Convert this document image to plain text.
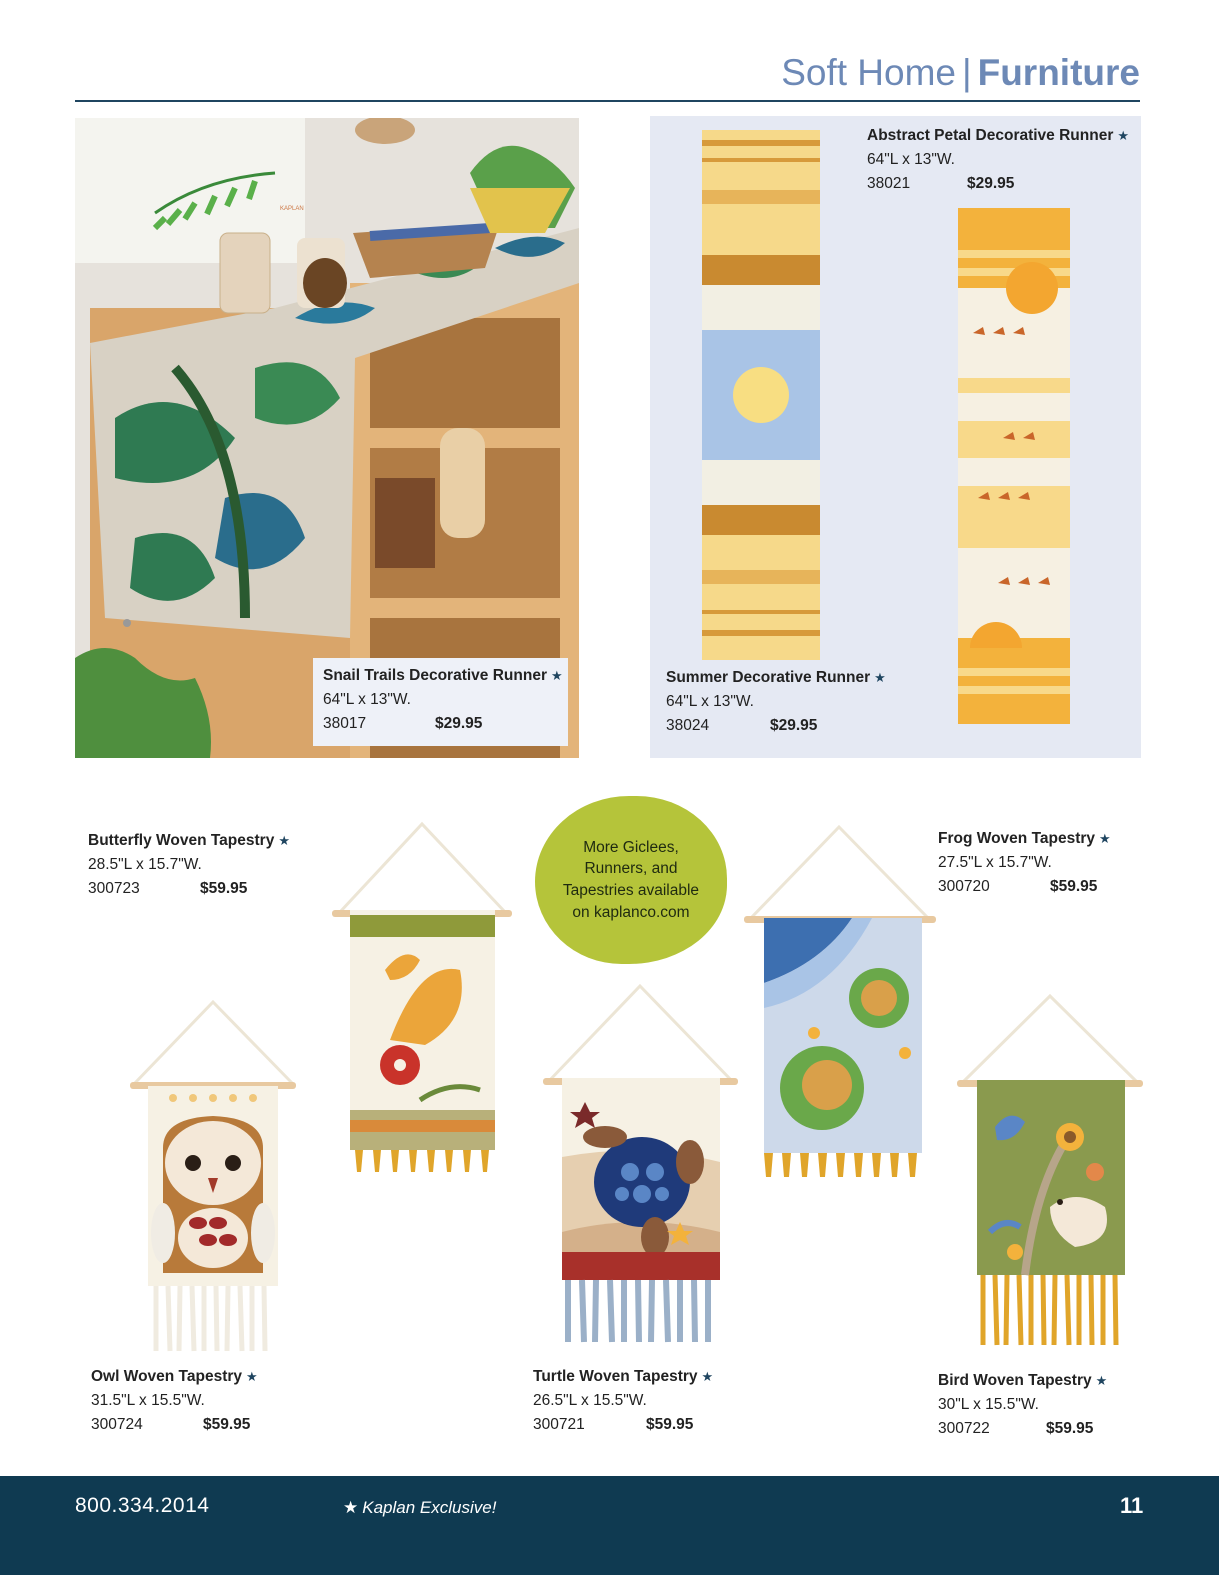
Soft Home | Furniture
KAPLAN
Snail Trails Decorative Runner ★
64"L x 13"W.
38017	$29.95
Abstract Petal Decorative Runner ★
64"L x 13"W.
38021	$29.95
Summer Decorative Runner ★
64"L x 13"W.
38024	$29.95
More Giclees, Runners, and Tapestries available on kaplanco.com
Butterfly Woven Tapestry ★
28.5"L x 15.7"W.
300723	$59.95
Frog Woven Tapestry ★
27.5"L x 15.7"W.
300720	$59.95
Owl Woven Tapestry ★
31.5"L x 15.5"W.
300724	$59.95
Turtle Woven Tapestry ★
26.5"L x 15.5"W.
300721	$59.95
Bird Woven Tapestry ★
30"L x 15.5"W.
300722	$59.95
800.334.2014	★ Kaplan Exclusive!	11
